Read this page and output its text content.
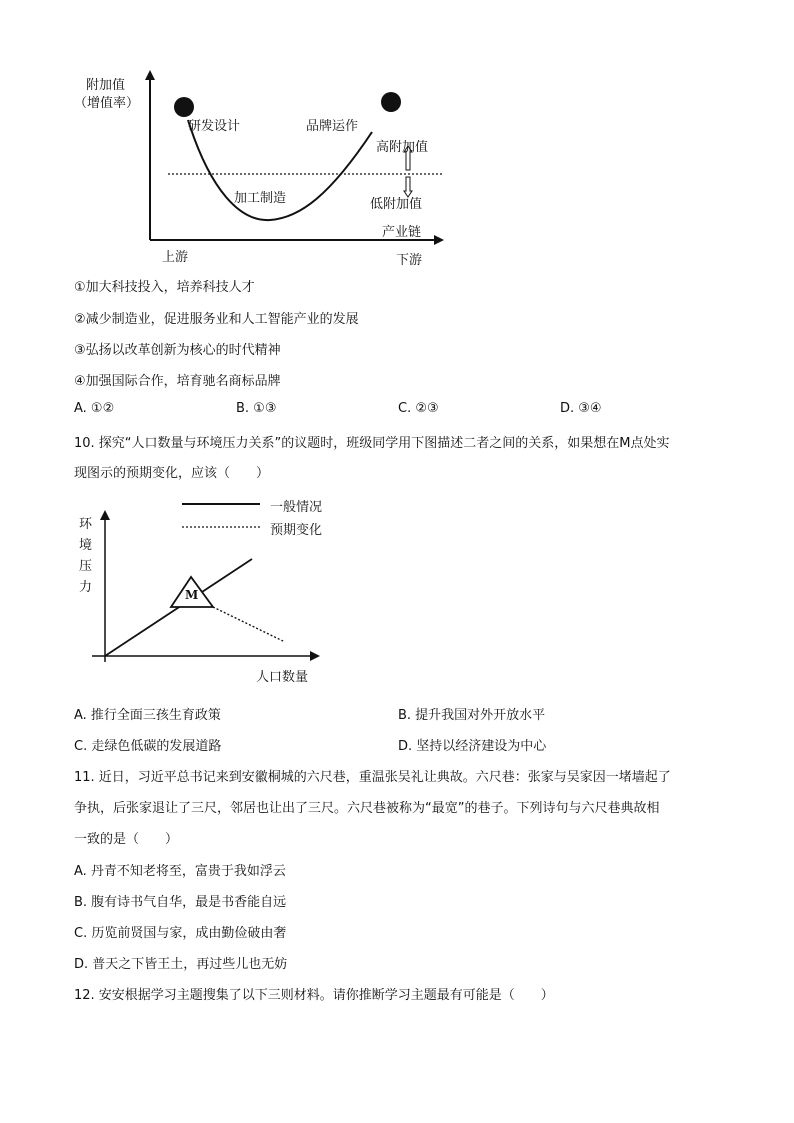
附加值
（增值率）
研发设计	品牌运作
高附加值
加工制造	低附加值
产业链
上游	下游
①加大科技投入，培养科技人才
②减少制造业，促进服务业和人工智能产业的发展
③弘扬以改革创新为核心的时代精神
④加强国际合作，培育驰名商标品牌
A. ①②	B. ①③	C. ②③	D. ③④
10. 探究“人口数量与环境压力关系”的议题时，班级同学用下图描述二者之间的关系，如果想在M点处实
现图示的预期变化，应该（　　）
一般情况
预期变化
环
境
压
力	M
人口数量
A. 推行全面三孩生育政策	B. 提升我国对外开放水平
C. 走绿色低碳的发展道路	D. 坚持以经济建设为中心
11. 近日，习近平总书记来到安徽桐城的六尺巷，重温张吴礼让典故。六尺巷：张家与吴家因一堵墙起了
争执，后张家退让了三尺，邻居也让出了三尺。六尺巷被称为“最宽”的巷子。下列诗句与六尺巷典故相
一致的是（　　）
A. 丹青不知老将至，富贵于我如浮云
B. 腹有诗书气自华，最是书香能自远
C. 历览前贤国与家，成由勤俭破由奢
D. 普天之下皆王土，再过些儿也无妨
12. 安安根据学习主题搜集了以下三则材料。请你推断学习主题最有可能是（　　）
